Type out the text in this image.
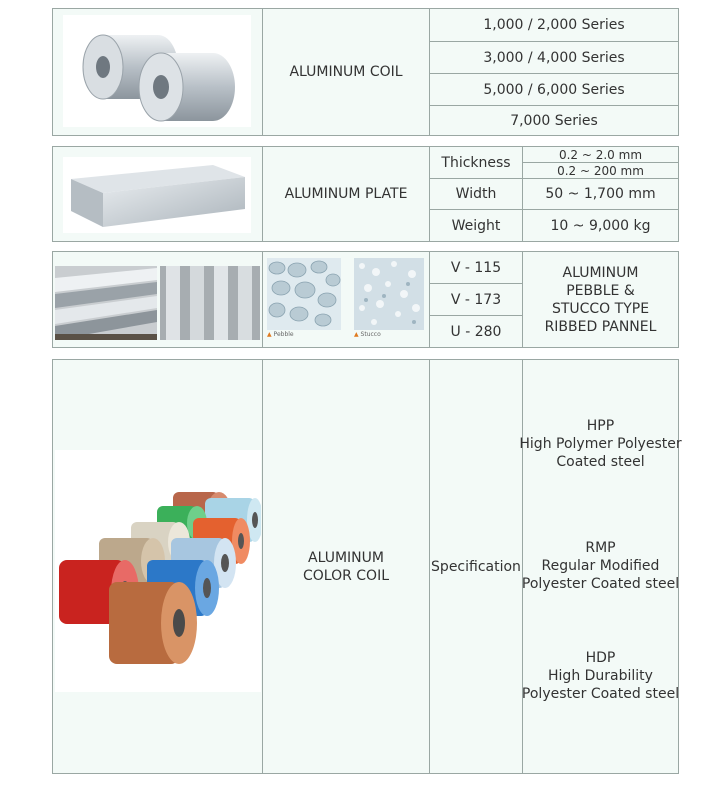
ALUMINUM COIL
1,000 / 2,000 Series
3,000 / 4,000 Series
5,000 / 6,000 Series
7,000 Series
ALUMINUM PLATE
Thickness	0.2 ~ 2.0 mm
0.2 ~ 200 mm
Width	50 ~ 1,700 mm
Weight	10 ~ 9,000 kg
▲ Pebble	▲ Stucco
V - 115
V - 173
U - 280
ALUMINUM
PEBBLE &
STUCCO TYPE
RIBBED PANNEL
ALUMINUM
COLOR COIL
Specification
HPP
High Polymer Polyester
Coated steel
RMP
Regular Modified
Polyester Coated steel
HDP
High Durability
Polyester Coated steel
